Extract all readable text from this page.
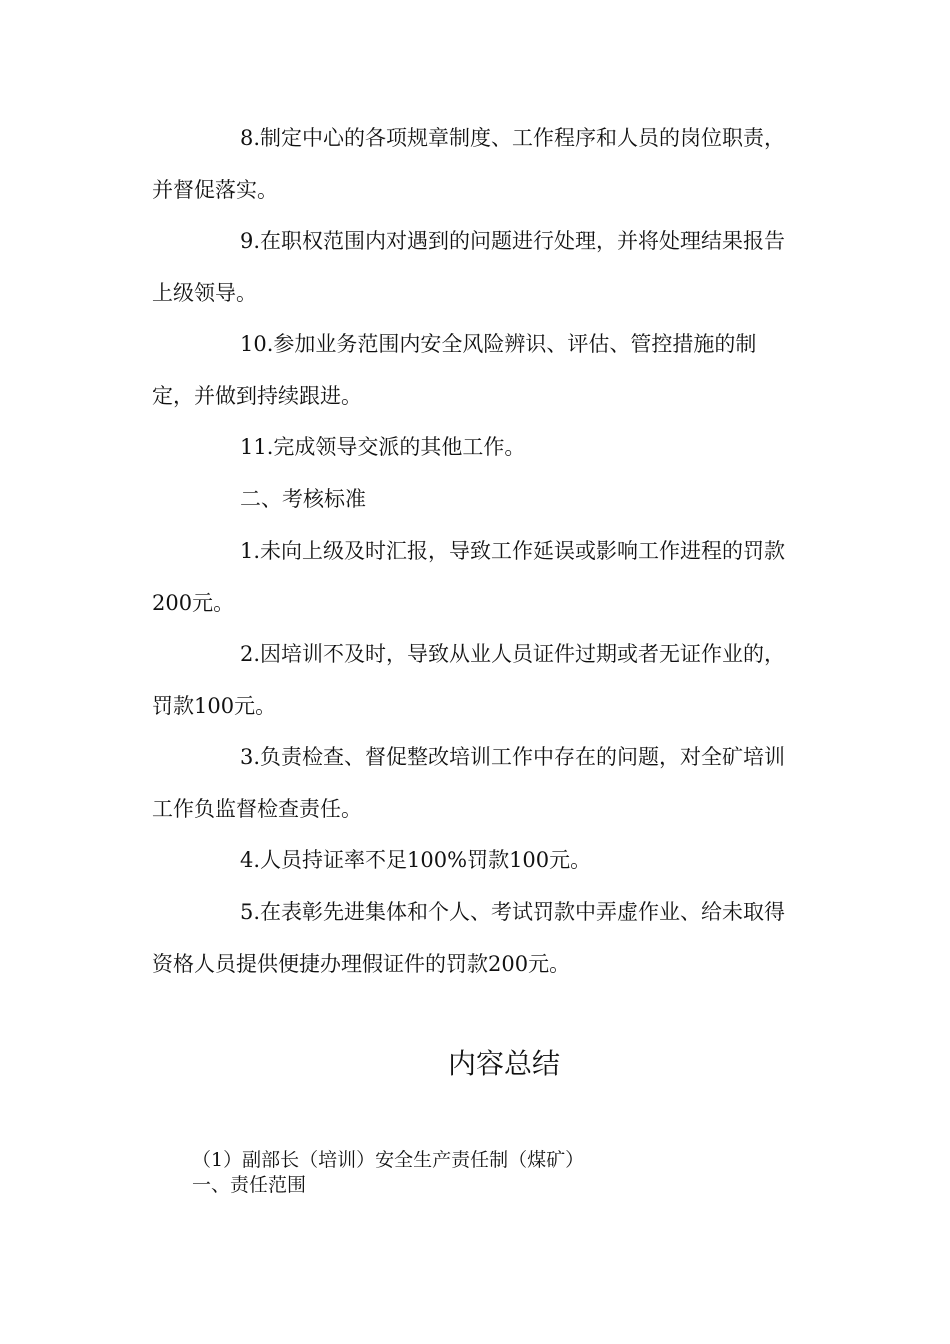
8.制定中心的各项规章制度、工作程序和人员的岗位职责，并督促落实。

9.在职权范围内对遇到的问题进行处理，并将处理结果报告上级领导。

10.参加业务范围内安全风险辨识、评估、管控措施的制定，并做到持续跟进。

11.完成领导交派的其他工作。

二、考核标准

1.未向上级及时汇报，导致工作延误或影响工作进程的罚款200元。

2.因培训不及时，导致从业人员证件过期或者无证作业的，罚款100元。

3.负责检查、督促整改培训工作中存在的问题，对全矿培训工作负监督检查责任。

4.人员持证率不足100%罚款100元。

5.在表彰先进集体和个人、考试罚款中弄虚作业、给未取得资格人员提供便捷办理假证件的罚款200元。

内容总结

（1）副部长（培训）安全生产责任制（煤矿）

一、责任范围
